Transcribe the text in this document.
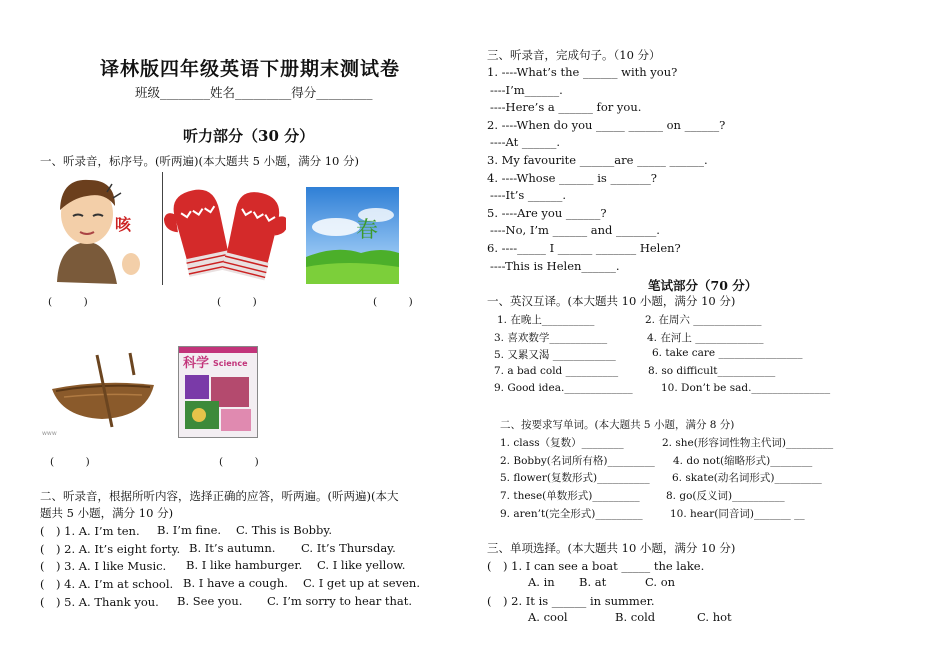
译林版四年级英语下册期末测试卷
班级________姓名_________得分_________
听力部分（30 分）
一、听录音，标序号。(听两遍)(本大题共 5 小题，满分 10 分)
咳	春
(　　　)	(　　　)	(　　　)
www
科学 Science
(　　　)	(　　　)
二、听录音，根据所听内容，选择正确的应答，听两遍。(听两遍)(本大
题共 5 小题，满分 10 分)
(　) 1. A. I’m ten. B. I’m fine. C. This is Bobby.
(　) 2. A. It’s eight forty. B. It’s autumn. C. It’s Thursday.
(　) 3. A. I like Music. B. I like hamburger. C. I like yellow.
(　) 4. A. I’m at school. B. I have a cough. C. I get up at seven.
(　) 5. A. Thank you. B. See you. C. I’m sorry to hear that.
三、听录音，完成句子。（10 分）
1. ----What’s the ______ with you?
----I’m______.
----Here’s a ______ for you.
2. ----When do you _____ ______ on ______?
----At ______.
3. My favourite ______are _____ ______.
4. ----Whose ______ is _______?
----It’s ______.
5. ----Are you ______?
----No, I’m ______ and _______.
6. ----_____ I ______ _______ Helen?
----This is Helen______.
笔试部分（70 分）
一、英汉互译。(本大题共 10 小题，满分 10 分)
1. 在晚上__________	2. 在周六 _____________
3. 喜欢数学___________	4. 在河上 _____________
5. 又累又渴 ____________	6. take care ________________
7. a bad cold __________	8. so difficult___________
9. Good idea._____________	10. Don’t be sad._______________
二、按要求写单词。(本大题共 5 小题，满分 8 分)
1. class（复数）________	2. she(形容词性物主代词)_________
2. Bobby(名词所有格)_________ 4. do not(缩略形式)________
5. flower(复数形式)__________ 6. skate(动名词形式)_________
7. these(单数形式)_________	8. go(反义词)__________
9. aren’t(完全形式)_________	10. hear(同音词)_______ __
三、单项选择。(本大题共 10 小题，满分 10 分)
(　) 1. I can see a boat _____ the lake.
A. in B. at	C. on
(　) 2. It is ______ in summer.
A. cool	B. cold	C. hot
